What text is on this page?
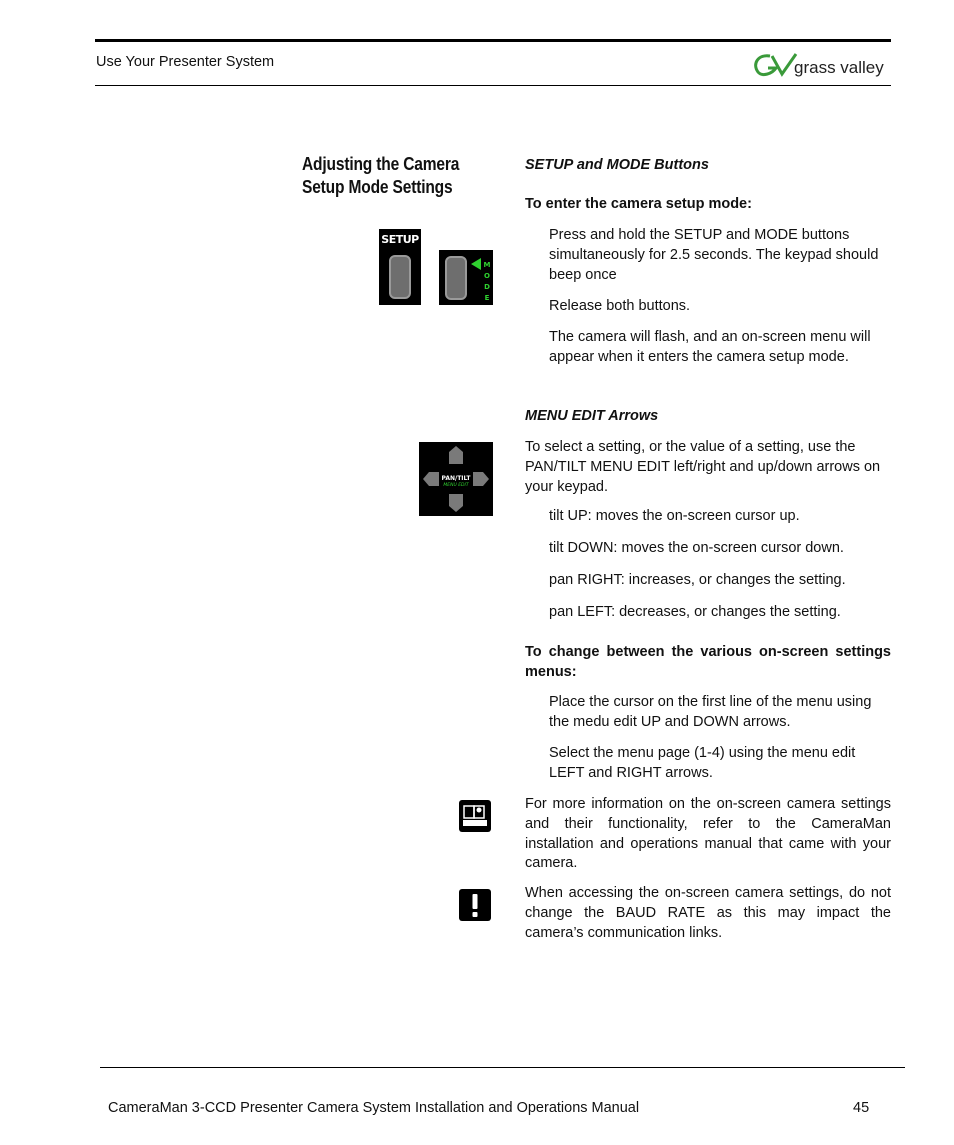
Use Your Presenter System	grass valley
Adjusting the Camera
Setup Mode Settings
SETUP
M
O
D
E
PAN/TILT
MENU EDIT
SETUP and MODE Buttons
To enter the camera setup mode:
Press and hold the SETUP and MODE buttons simultaneously for 2.5 seconds. The keypad should beep once
Release both buttons.
The camera will flash, and an on-screen menu will appear when it enters the camera setup mode.
MENU EDIT Arrows
To select a setting, or the value of a setting, use the PAN/TILT MENU EDIT left/right and up/down arrows on your keypad.
tilt UP: moves the on-screen cursor up.
tilt DOWN: moves the on-screen cursor down.
pan RIGHT: increases, or changes the setting.
pan LEFT: decreases, or changes the setting.
To change between the various on-screen settings menus:
Place the cursor on the first line of the menu using the medu edit UP and DOWN arrows.
Select the menu page (1-4) using the menu edit LEFT and RIGHT arrows.
For more information on the on-screen camera settings and their functionality, refer to the CameraMan installation and operations manual that came with your camera.
When accessing the on-screen camera settings, do not change the BAUD RATE as this may impact the camera’s communication links.
CameraMan 3-CCD Presenter Camera System Installation and Operations Manual	45
